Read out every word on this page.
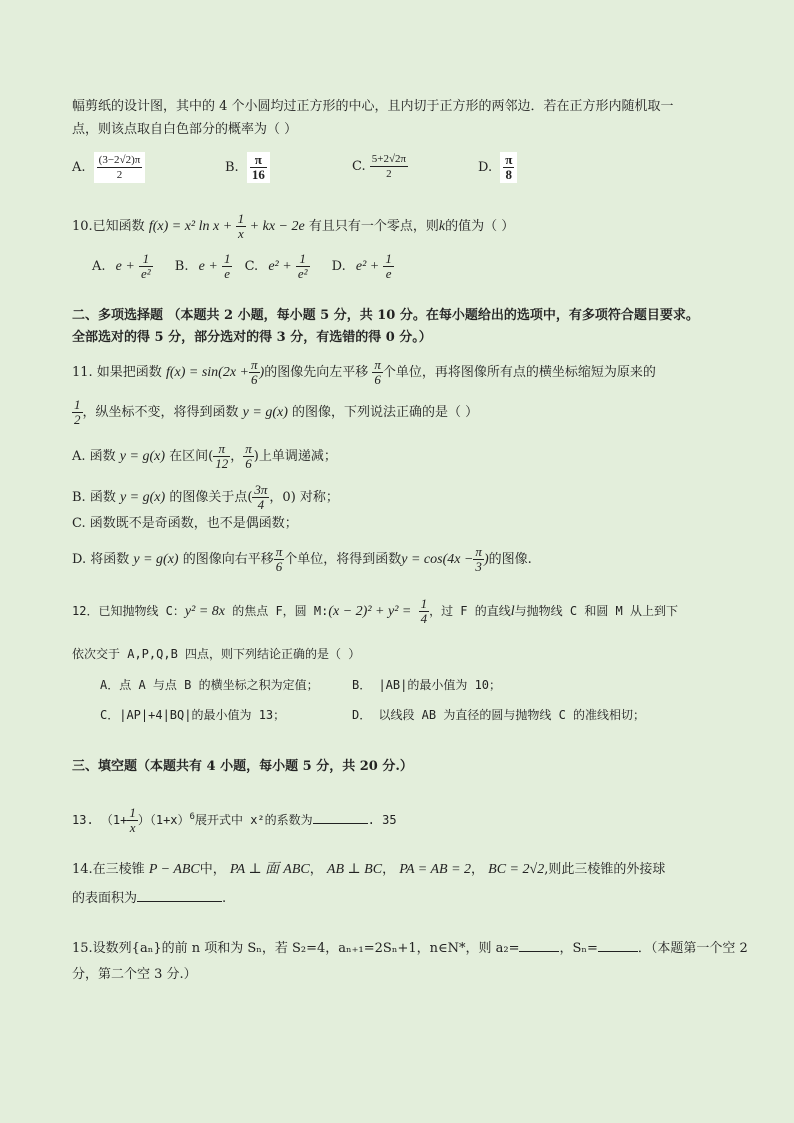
幅剪纸的设计图，其中的 4 个小圆均过正方形的中心，且内切于正方形的两邻边．若在正方形内随机取一
点，则该点取自白色部分的概率为（ ）
A. $\frac{(3-2√2)\pi}{2}$	B. $\frac{\pi}{16}$	C. $\frac{5+2√2\pi}{2}$	D. $\frac{\pi}{8}$
10.已知函数 f(x) = x² $\ln x + \frac{1}{x}$ + kx − 2e 有且只有一个零点，则k的值为（ ）
A. $e + \frac{1}{\text{e²}} B$. $e + \frac{1}{e} C$. $e^2 + \frac{1}{\text{e²}} D$. $e^2 + \frac{1}{e}$
二、多项选择题 （本题共 2 小题，每小题 5 分，共 10 分。在每小题给出的选项中，有多项符合题目要求。
全部选对的得 5 分，部分选对的得 3 分，有选错的得 0 分。）
11. 如果把函数 $f(x) = \sin(2x + \frac{\pi}{6}$ )的图像先向左平移 $\frac{\pi}{6}$ 个单位，再将图像所有点的横坐标缩短为原来的
$\frac{1}{2}$ ，纵坐标不变，将得到函数 y = g(x) 的图像，下列说法正确的是（ ）
A. 函数 y = g(x) 在区间( $\frac{\pi}{12}$ ， $\frac{\pi}{6}$ )上单调递减；
B. 函数 y = g(x) 的图像关于点( $\frac{3\pi}{4}$ ，0) 对称；
C. 函数既不是奇函数，也不是偶函数；
D. 将函数 y = g(x) 的图像向右平移 $\frac{\pi}{6}$ 个单位，将得到函数$y = \cos(4x - \frac{\pi}{3}$ )的图像.
12．已知抛物线 C：y² = 8x 的焦点 F，圆 M:(x − $2)^2 + y^2 = \frac{1}{4}$ ，过 F 的直线l与抛物线 C 和圆 M 从上到下
依次交于 A,P,Q,B 四点，则下列结论正确的是（ ）
A．点 A 与点 B 的横坐标之积为定值；	B． |AB|的最小值为 10；
C．|AP|+4|BQ|的最小值为 13；	D． 以线段 AB 为直径的圆与抛物线 C 的准线相切；
三、填空题（本题共有 4 小题，每小题 5 分，共 20 分.）
13. $(1+ \frac{1}{x} )(1+x)^6$展开式中 x²的系数为	. 35
14.在三棱锥 P − ABC中， PA ⊥ 面 ABC， AB ⊥ BC， PA = AB = 2， BC = 2√2,则此三棱锥的外接球
的表面积为	.
15.设数列{aₙ}的前 n 项和为 Sₙ，若 S₂=4，aₙ₊₁=2Sₙ+1，n∈N*，则 a₂=	，Sₙ=	．（本题第一个空 2
分，第二个空 3 分.）
